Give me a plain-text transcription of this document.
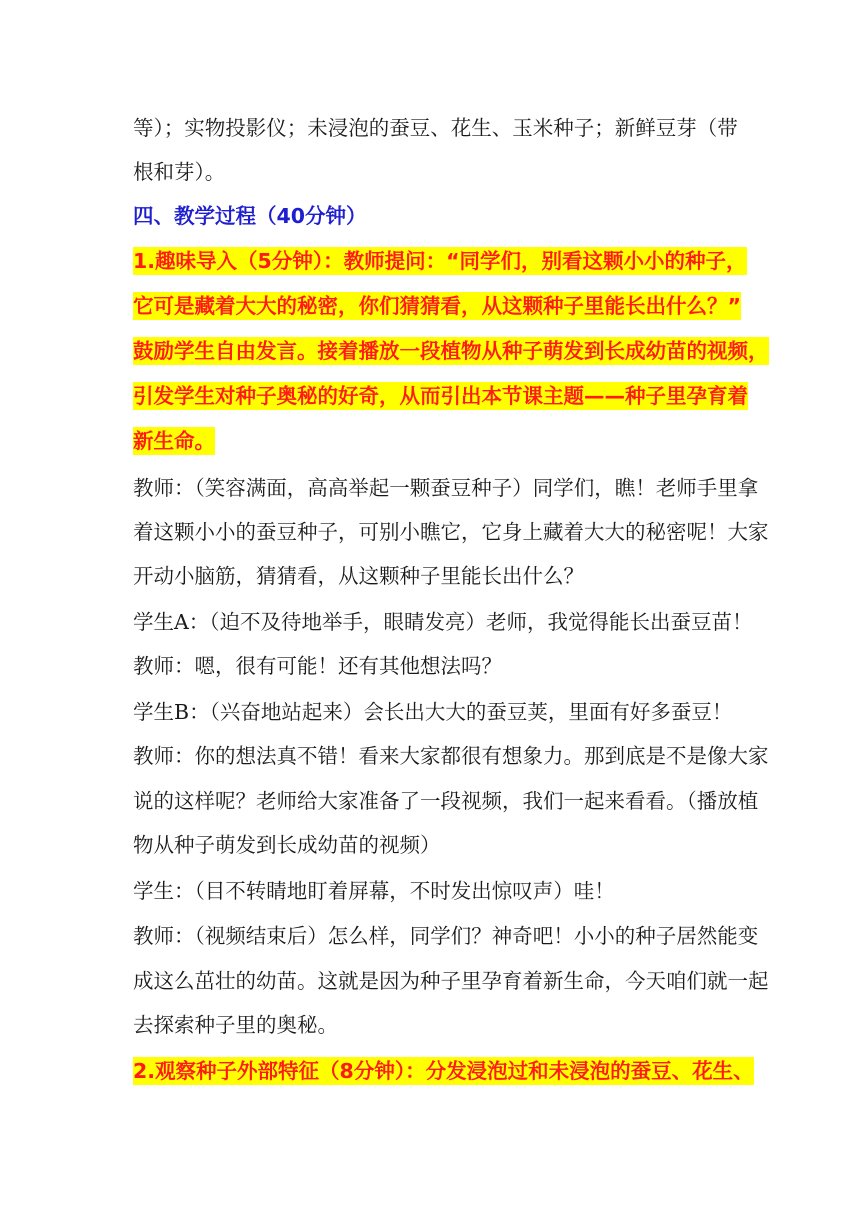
等）；实物投影仪；未浸泡的蚕豆、花生、玉米种子；新鲜豆芽（带
根和芽）。
四、教学过程（40分钟）
1.趣味导入（5分钟）：教师提问：“同学们，别看这颗小小的种子，
它可是藏着大大的秘密，你们猜猜看，从这颗种子里能长出什么？”
鼓励学生自由发言。接着播放一段植物从种子萌发到长成幼苗的视频，
引发学生对种子奥秘的好奇，从而引出本节课主题——种子里孕育着
新生命。
教师：（笑容满面，高高举起一颗蚕豆种子）同学们，瞧！老师手里拿
着这颗小小的蚕豆种子，可别小瞧它，它身上藏着大大的秘密呢！大家
开动小脑筋，猜猜看，从这颗种子里能长出什么？
学生A：（迫不及待地举手，眼睛发亮）老师，我觉得能长出蚕豆苗！
教师：嗯，很有可能！还有其他想法吗？
学生B：（兴奋地站起来）会长出大大的蚕豆荚，里面有好多蚕豆！
教师：你的想法真不错！看来大家都很有想象力。那到底是不是像大家
说的这样呢？老师给大家准备了一段视频，我们一起来看看。（播放植
物从种子萌发到长成幼苗的视频）
学生：（目不转睛地盯着屏幕，不时发出惊叹声）哇！
教师：（视频结束后）怎么样，同学们？神奇吧！小小的种子居然能变
成这么茁壮的幼苗。这就是因为种子里孕育着新生命，今天咱们就一起
去探索种子里的奥秘。
2.观察种子外部特征（8分钟）：分发浸泡过和未浸泡的蚕豆、花生、
